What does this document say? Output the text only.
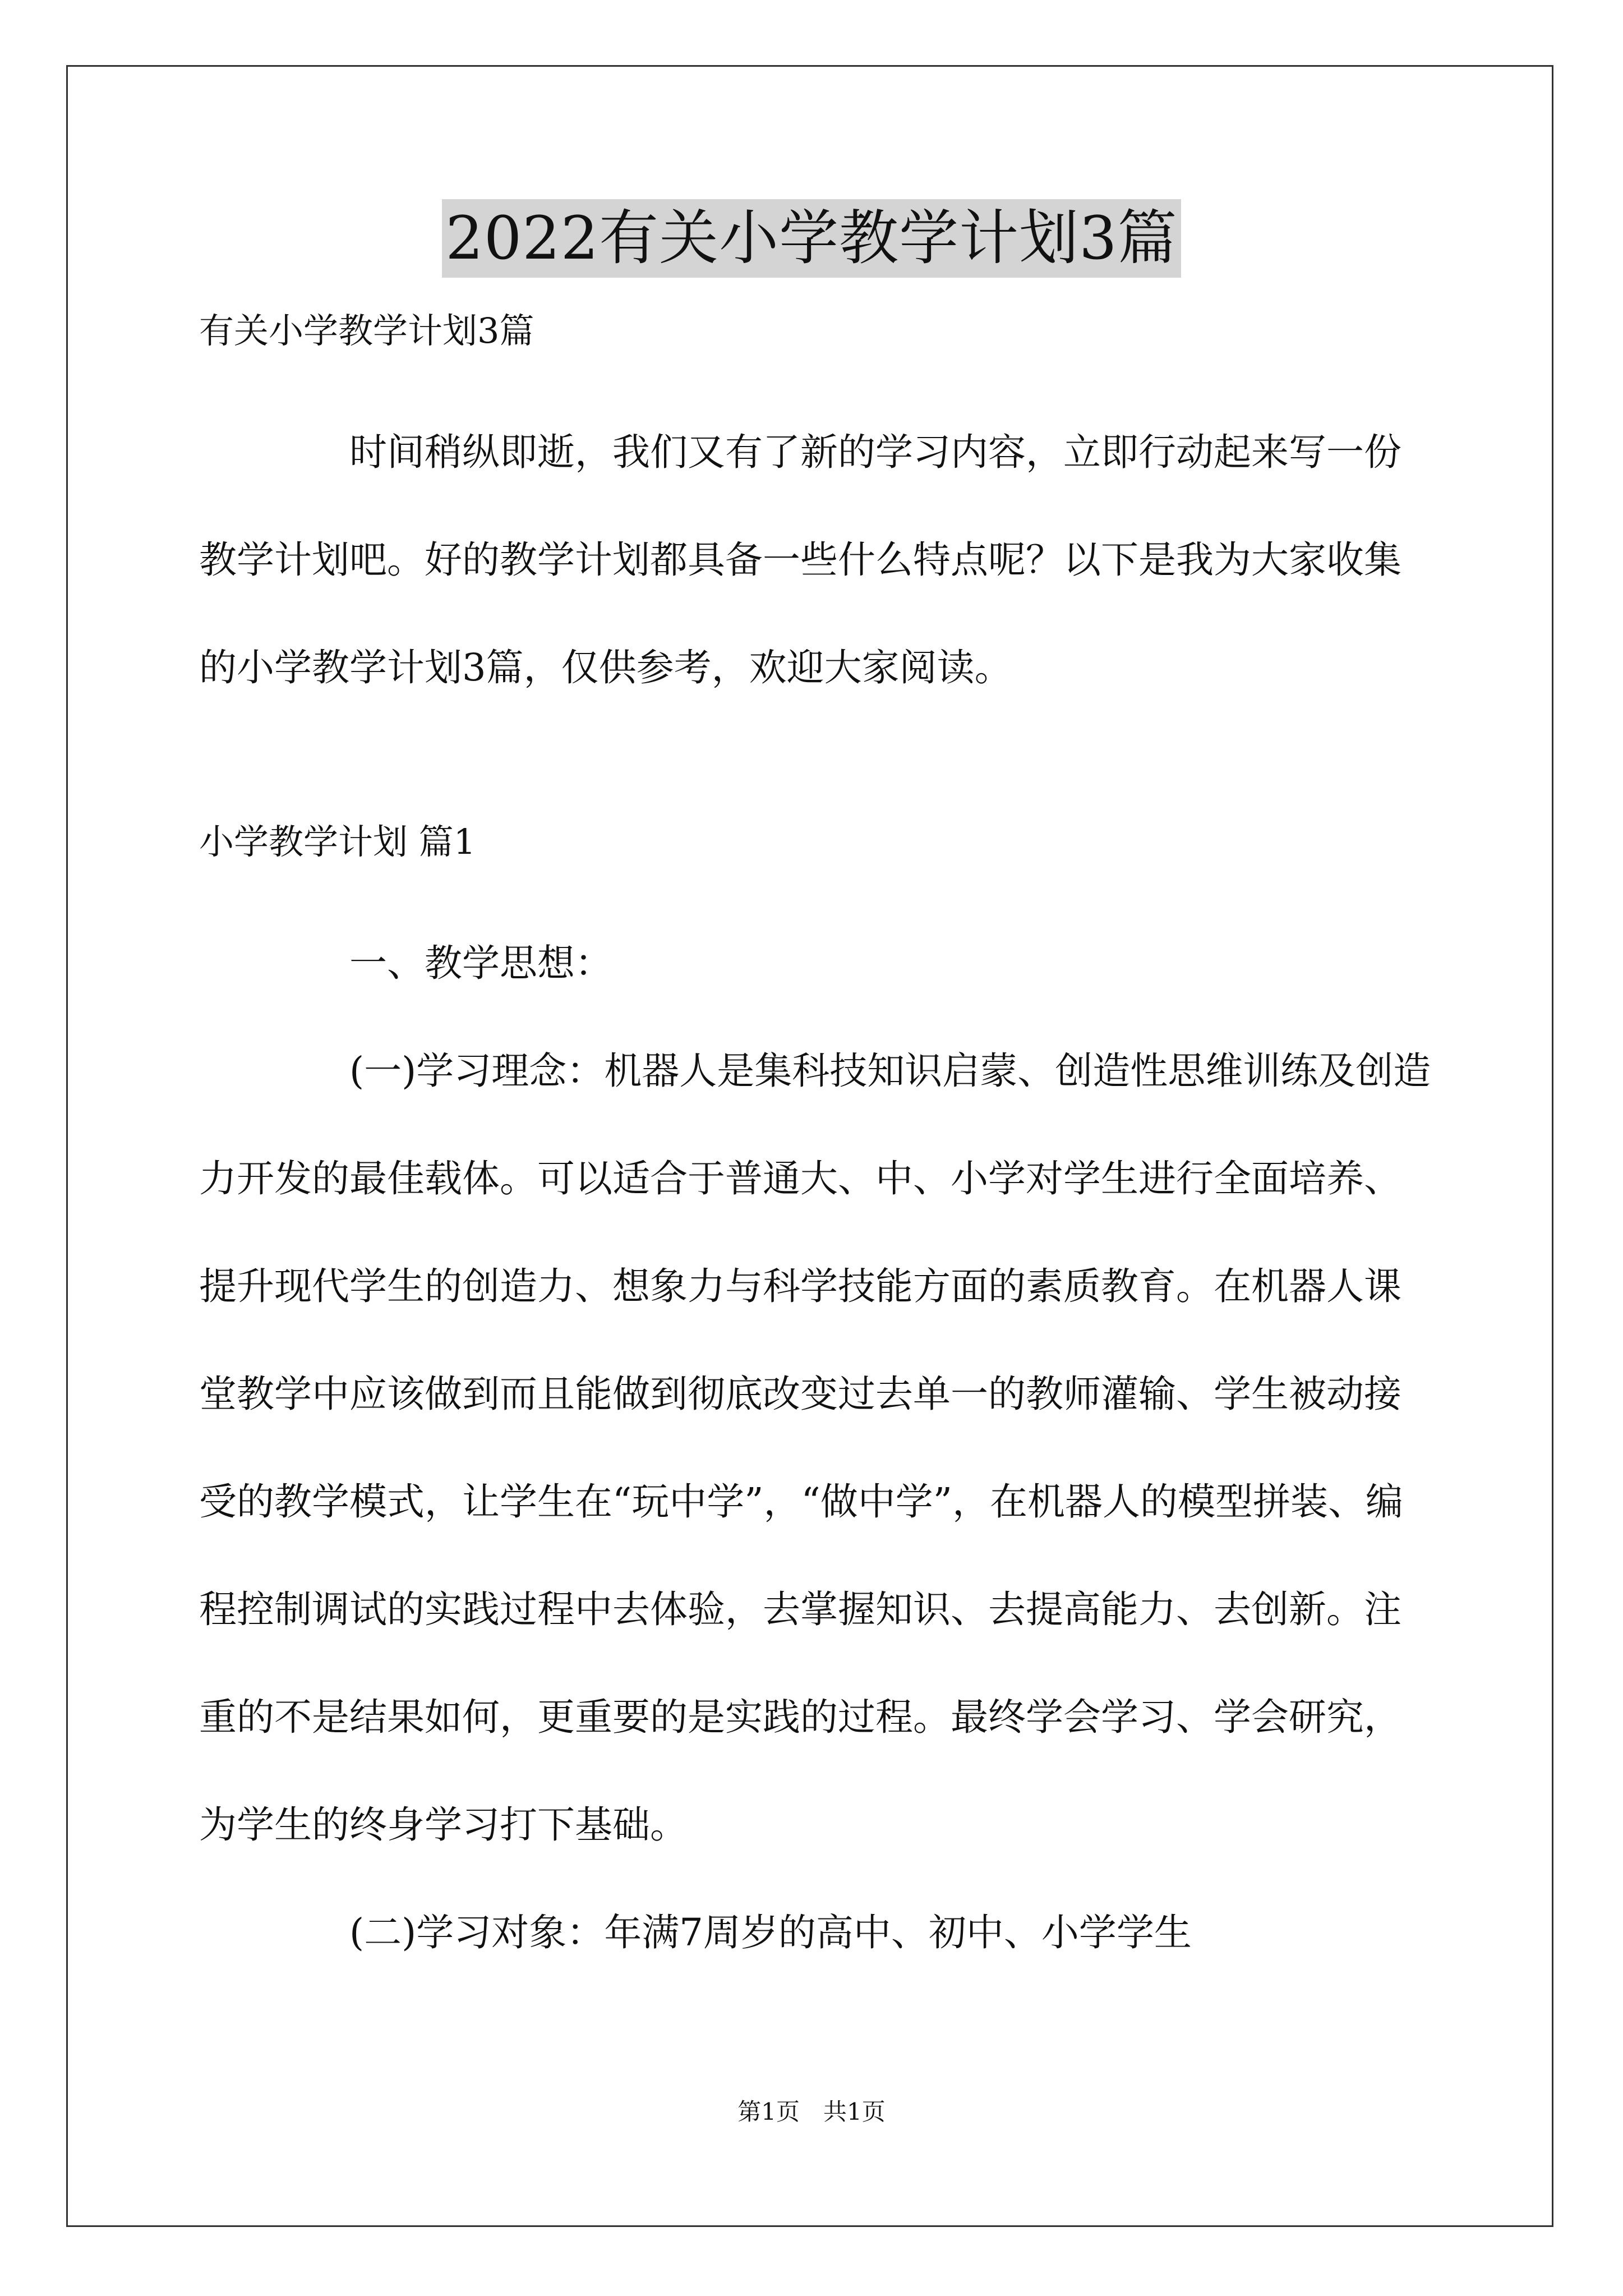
2022有关小学教学计划3篇
有关小学教学计划3篇

时间稍纵即逝，我们又有了新的学习内容，立即行动起来写一份教学计划吧。好的教学计划都具备一些什么特点呢？以下是我为大家收集的小学教学计划3篇，仅供参考，欢迎大家阅读。

小学教学计划 篇1
一、教学思想：

(一)学习理念：机器人是集科技知识启蒙、创造性思维训练及创造力开发的最佳载体。可以适合于普通大、中、小学对学生进行全面培养、提升现代学生的创造力、想象力与科学技能方面的素质教育。在机器人课堂教学中应该做到而且能做到彻底改变过去单一的教师灌输、学生被动接受的教学模式，让学生在“玩中学”，“做中学”，在机器人的模型拼装、编程控制调试的实践过程中去体验，去掌握知识、去提高能力、去创新。注重的不是结果如何，更重要的是实践的过程。最终学会学习、学会研究，为学生的终身学习打下基础。

(二)学习对象：年满7周岁的高中、初中、小学学生

第1页　共1页
